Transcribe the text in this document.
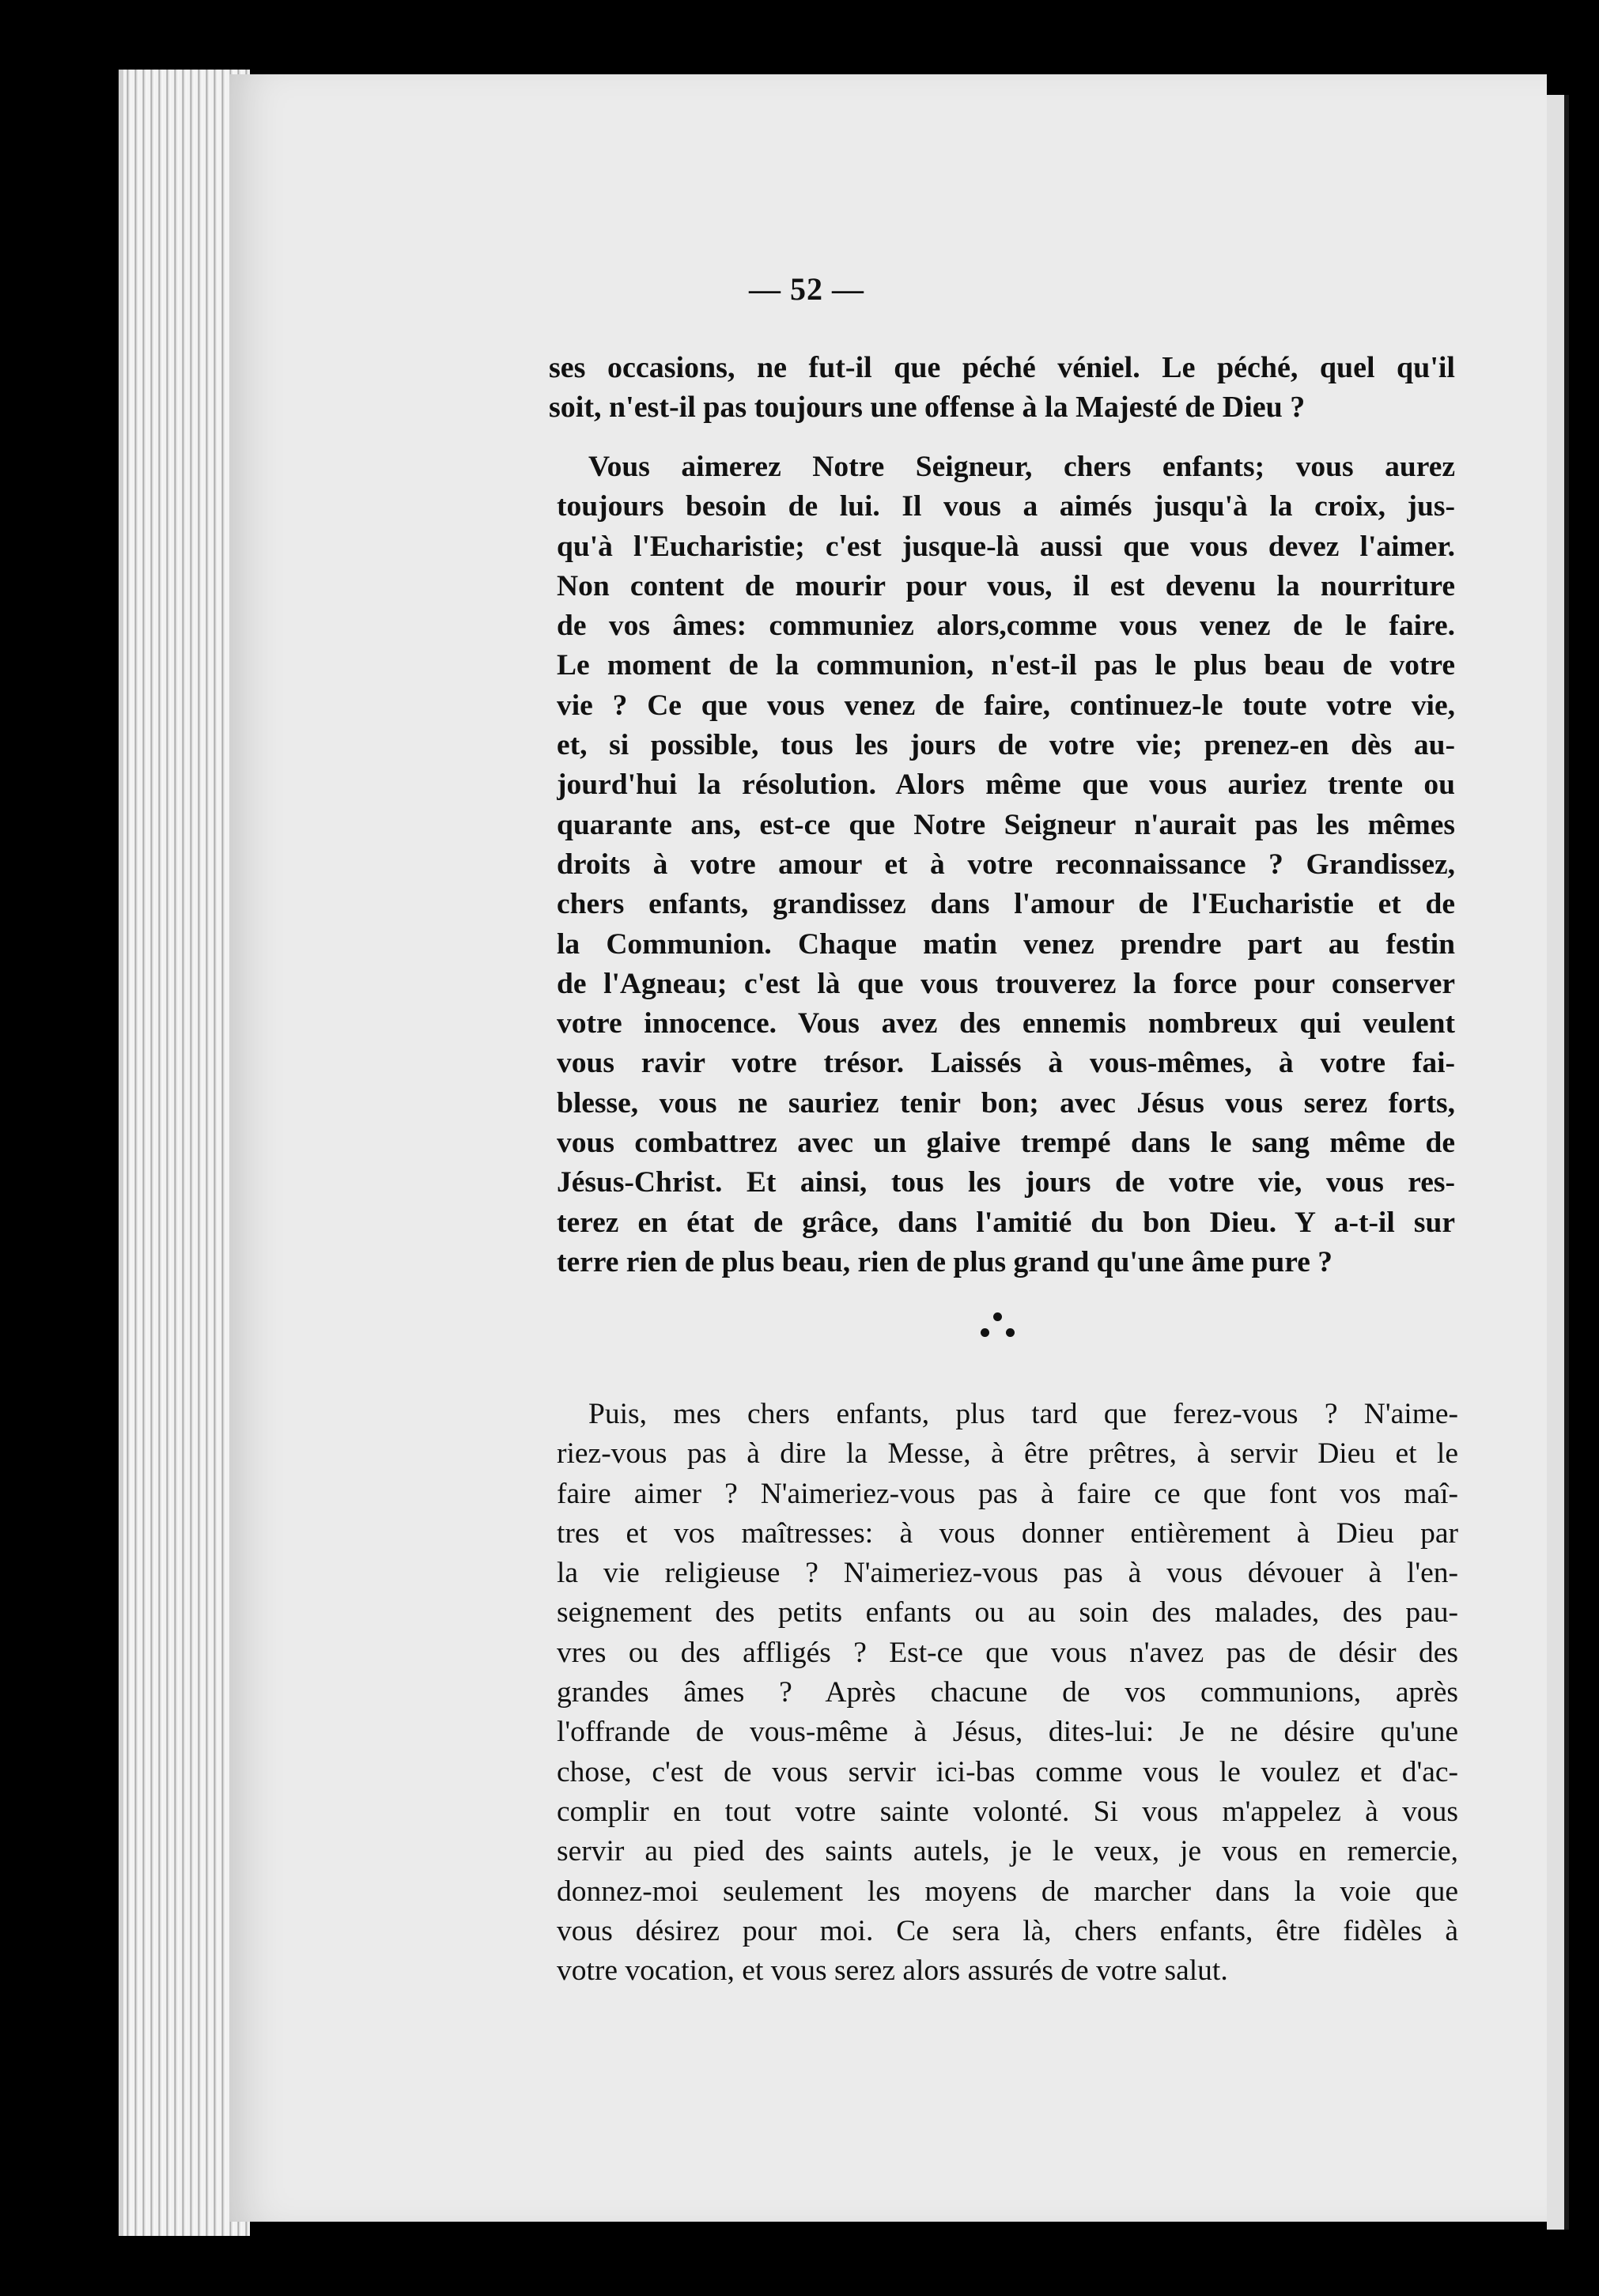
— 52 —
ses occasions, ne fut-il que péché véniel. Le péché, quel qu'il
soit, n'est-il pas toujours une offense à la Majesté de Dieu ?
Vous aimerez Notre Seigneur, chers enfants; vous aurez
toujours besoin de lui. Il vous a aimés jusqu'à la croix, jus-
qu'à l'Eucharistie; c'est jusque-là aussi que vous devez l'aimer.
Non content de mourir pour vous, il est devenu la nourriture
de vos âmes: communiez alors,comme vous venez de le faire.
Le moment de la communion, n'est-il pas le plus beau de votre
vie ? Ce que vous venez de faire, continuez-le toute votre vie,
et, si possible, tous les jours de votre vie; prenez-en dès au-
jourd'hui la résolution. Alors même que vous auriez trente ou
quarante ans, est-ce que Notre Seigneur n'aurait pas les mêmes
droits à votre amour et à votre reconnaissance ? Grandissez,
chers enfants, grandissez dans l'amour de l'Eucharistie et de
la Communion. Chaque matin venez prendre part au festin
de l'Agneau; c'est là que vous trouverez la force pour conserver
votre innocence. Vous avez des ennemis nombreux qui veulent
vous ravir votre trésor. Laissés à vous-mêmes, à votre fai-
blesse, vous ne sauriez tenir bon; avec Jésus vous serez forts,
vous combattrez avec un glaive trempé dans le sang même de
Jésus-Christ. Et ainsi, tous les jours de votre vie, vous res-
terez en état de grâce, dans l'amitié du bon Dieu. Y a-t-il sur
terre rien de plus beau, rien de plus grand qu'une âme pure ?
Puis, mes chers enfants, plus tard que ferez-vous ? N'aime-
riez-vous pas à dire la Messe, à être prêtres, à servir Dieu et le
faire aimer ? N'aimeriez-vous pas à faire ce que font vos maî-
tres et vos maîtresses: à vous donner entièrement à Dieu par
la vie religieuse ? N'aimeriez-vous pas à vous dévouer à l'en-
seignement des petits enfants ou au soin des malades, des pau-
vres ou des affligés ? Est-ce que vous n'avez pas de désir des
grandes âmes ? Après chacune de vos communions, après
l'offrande de vous-même à Jésus, dites-lui: Je ne désire qu'une
chose, c'est de vous servir ici-bas comme vous le voulez et d'ac-
complir en tout votre sainte volonté. Si vous m'appelez à vous
servir au pied des saints autels, je le veux, je vous en remercie,
donnez-moi seulement les moyens de marcher dans la voie que
vous désirez pour moi. Ce sera là, chers enfants, être fidèles à
votre vocation, et vous serez alors assurés de votre salut.
